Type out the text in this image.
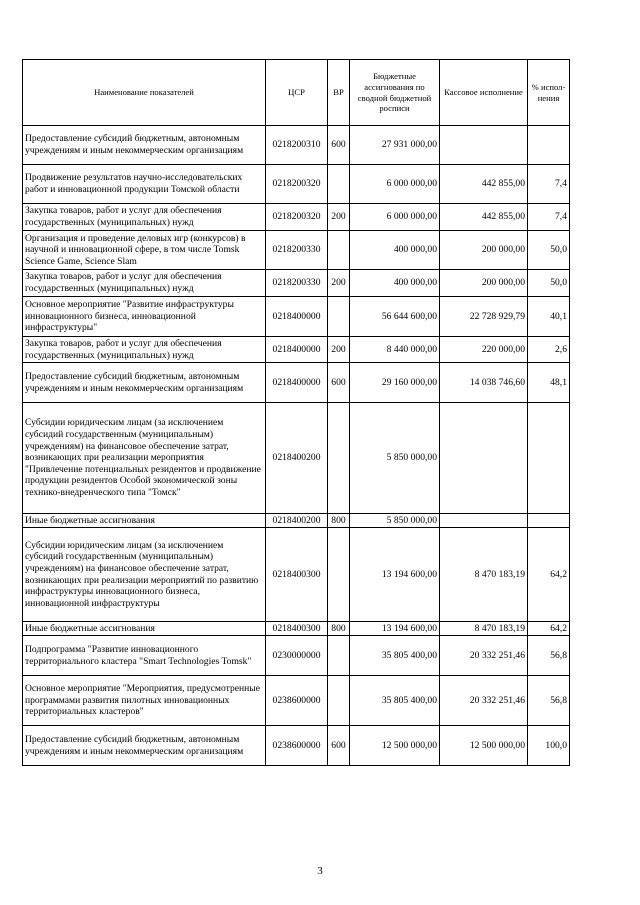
Наименование показателей	ЦСР	ВР	Бюджетные ассигнования по сводной бюджетной росписи	Кассовое исполнение	% испол-нения
Предоставление субсидий бюджетным, автономным учреждениям и иным некоммерческим организациям	0218200310	600	27 931 000,00		
Продвижение результатов научно-исследовательских работ и инновационной продукции Томской области	0218200320		6 000 000,00	442 855,00	7,4
Закупка товаров, работ и услуг для обеспечения государственных (муниципальных) нужд	0218200320	200	6 000 000,00	442 855,00	7,4
Организация и проведение деловых игр (конкурсов) в научной и инновационной сфере, в том числе Tomsk Science Game, Science Slam	0218200330		400 000,00	200 000,00	50,0
Закупка товаров, работ и услуг для обеспечения государственных (муниципальных) нужд	0218200330	200	400 000,00	200 000,00	50,0
Основное мероприятие "Развитие инфраструктуры инновационного бизнеса, инновационной инфраструктуры"	0218400000		56 644 600,00	22 728 929,79	40,1
Закупка товаров, работ и услуг для обеспечения государственных (муниципальных) нужд	0218400000	200	8 440 000,00	220 000,00	2,6
Предоставление субсидий бюджетным, автономным учреждениям и иным некоммерческим организациям	0218400000	600	29 160 000,00	14 038 746,60	48,1
Субсидии юридическим лицам (за исключением субсидий государственным (муниципальным) учреждениям) на финансовое обеспечение затрат, возникающих при реализации мероприятия "Привлечение потенциальных резидентов и продвижение продукции резидентов Особой экономической зоны технико-внедренческого типа "Томск"	0218400200		5 850 000,00		
Иные бюджетные ассигнования	0218400200	800	5 850 000,00		
Субсидии юридическим лицам (за исключением субсидий государственным (муниципальным) учреждениям) на финансовое обеспечение затрат, возникающих при реализации мероприятий по развитию инфраструктуры инновационного бизнеса, инновационной инфраструктуры	0218400300		13 194 600,00	8 470 183,19	64,2
Иные бюджетные ассигнования	0218400300	800	13 194 600,00	8 470 183,19	64,2
Подпрограмма "Развитие инновационного территориального кластера "Smart Technologies Tomsk"	0230000000		35 805 400,00	20 332 251,46	56,8
Основное мероприятие "Мероприятия, предусмотренные программами развития пилотных инновационных территориальных кластеров"	0238600000		35 805 400,00	20 332 251,46	56,8
Предоставление субсидий бюджетным, автономным учреждениям и иным некоммерческим организациям	0238600000	600	12 500 000,00	12 500 000,00	100,0
3
